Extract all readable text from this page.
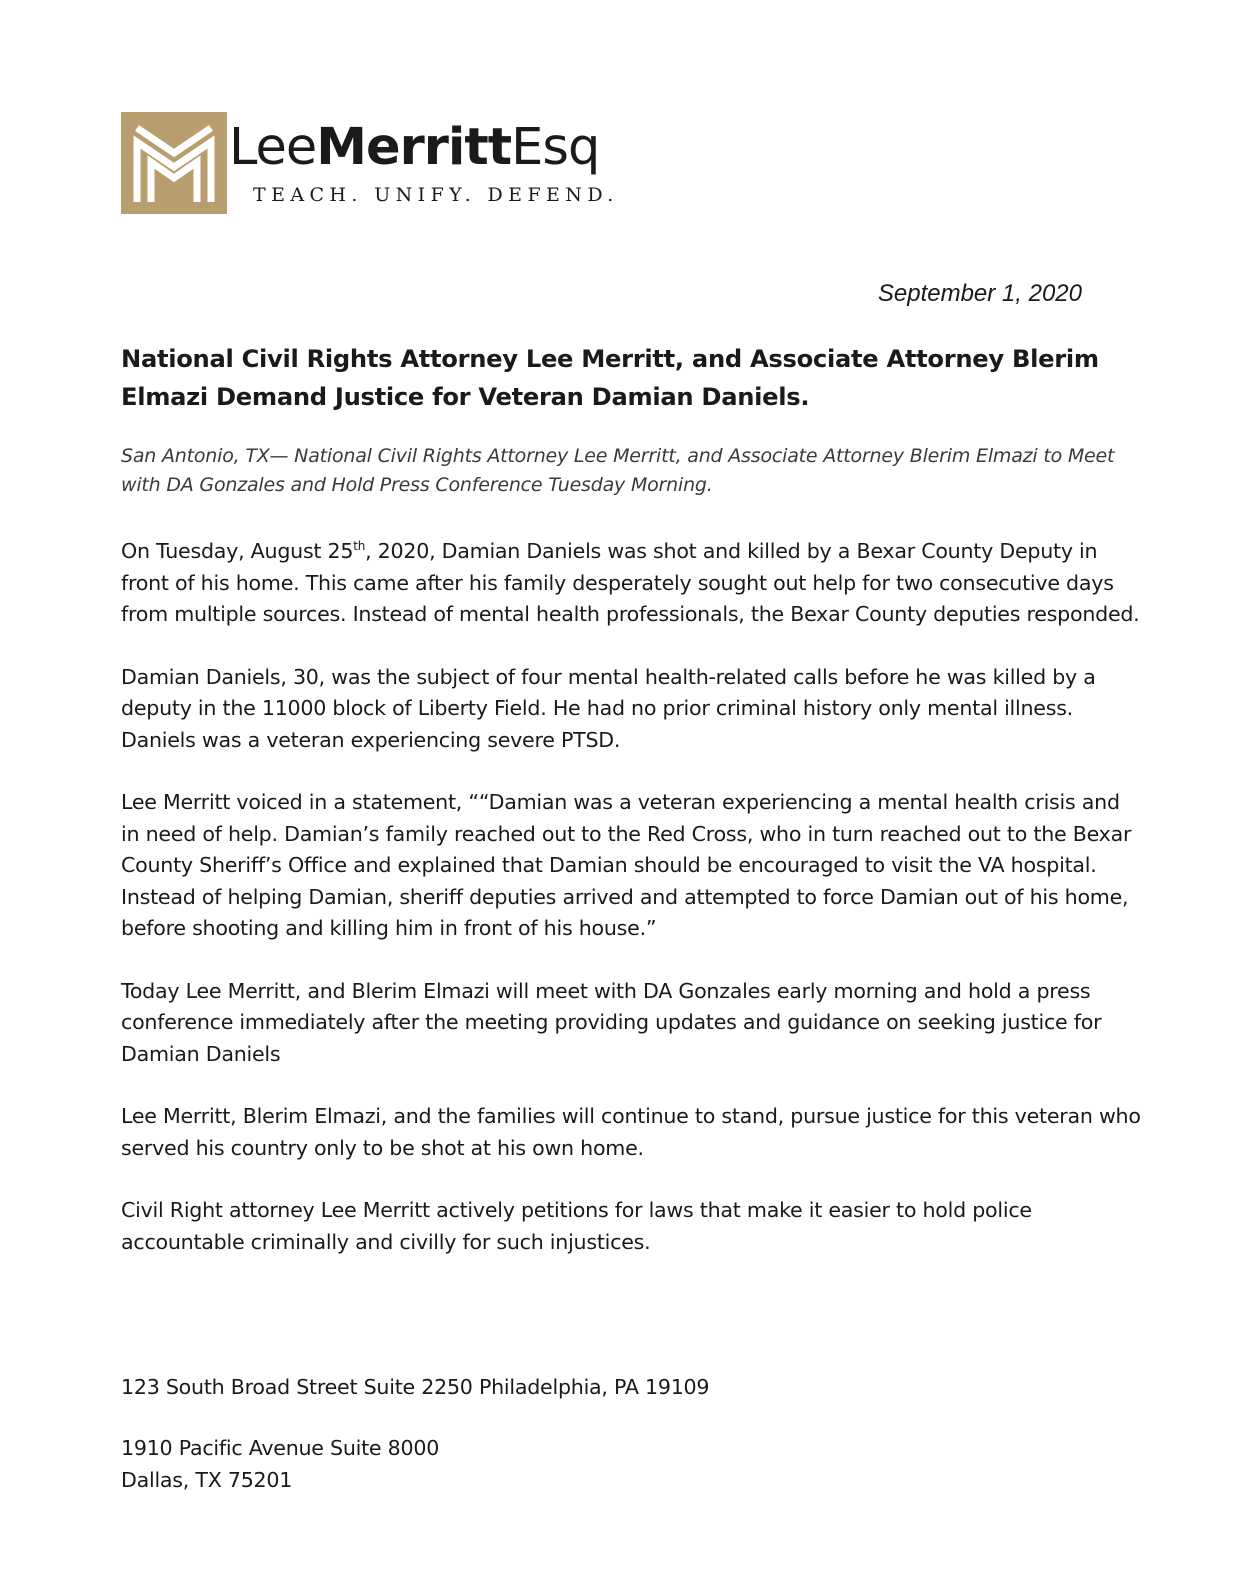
LeeMerrittEsq
TEACH. UNIFY. DEFEND.
September 1, 2020
National Civil Rights Attorney Lee Merritt, and Associate Attorney Blerim Elmazi Demand Justice for Veteran Damian Daniels.

San Antonio, TX— National Civil Rights Attorney Lee Merritt, and Associate Attorney Blerim Elmazi to Meet with DA Gonzales and Hold Press Conference Tuesday Morning.

On Tuesday, August 25th, 2020, Damian Daniels was shot and killed by a Bexar County Deputy in front of his home. This came after his family desperately sought out help for two consecutive days from multiple sources. Instead of mental health professionals, the Bexar County deputies responded.

Damian Daniels, 30, was the subject of four mental health-related calls before he was killed by a deputy in the 11000 block of Liberty Field. He had no prior criminal history only mental illness. Daniels was a veteran experiencing severe PTSD.

Lee Merritt voiced in a statement, ““Damian was a veteran experiencing a mental health crisis and in need of help. Damian’s family reached out to the Red Cross, who in turn reached out to the Bexar County Sheriff’s Office and explained that Damian should be encouraged to visit the VA hospital. Instead of helping Damian, sheriff deputies arrived and attempted to force Damian out of his home, before shooting and killing him in front of his house.”

Today Lee Merritt, and Blerim Elmazi will meet with DA Gonzales early morning and hold a press conference immediately after the meeting providing updates and guidance on seeking justice for Damian Daniels

Lee Merritt, Blerim Elmazi, and the families will continue to stand, pursue justice for this veteran who served his country only to be shot at his own home.

Civil Right attorney Lee Merritt actively petitions for laws that make it easier to hold police accountable criminally and civilly for such injustices.

123 South Broad Street Suite 2250 Philadelphia, PA 19109
1910 Pacific Avenue Suite 8000
Dallas, TX 75201
